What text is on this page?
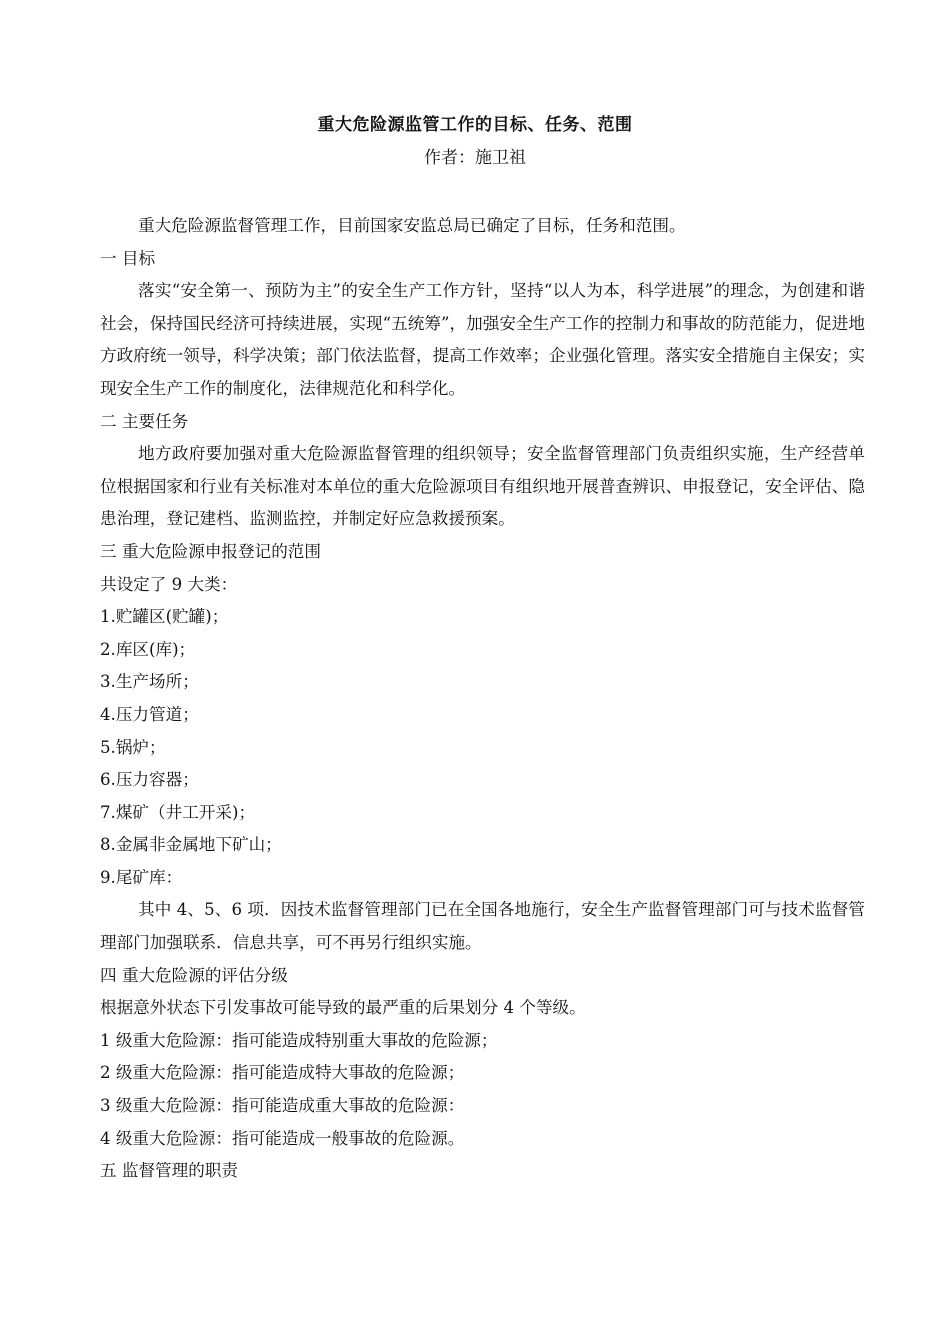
重大危险源监管工作的目标、任务、范围
作者：施卫祖

重大危险源监督管理工作，目前国家安监总局已确定了目标，任务和范围。

一 目标

落实“安全第一、预防为主”的安全生产工作方针，坚持“以人为本，科学进展”的理念，为创建和谐社会，保持国民经济可持续进展，实现“五统筹”，加强安全生产工作的控制力和事故的防范能力，促进地方政府统一领导，科学决策；部门依法监督，提高工作效率；企业强化管理。落实安全措施自主保安；实现安全生产工作的制度化，法律规范化和科学化。

二 主要任务

地方政府要加强对重大危险源监督管理的组织领导；安全监督管理部门负责组织实施，生产经营单位根据国家和行业有关标准对本单位的重大危险源项目有组织地开展普查辨识、申报登记，安全评估、隐患治理，登记建档、监测监控，并制定好应急救援预案。

三 重大危险源申报登记的范围

共设定了 9 大类：

1.贮罐区(贮罐)；

2.库区(库)；

3.生产场所；

4.压力管道；

5.锅炉；

6.压力容器；

7.煤矿（井工开采)；

8.金属非金属地下矿山；

9.尾矿库：

其中 4、5、6 项．因技术监督管理部门已在全国各地施行，安全生产监督管理部门可与技术监督管理部门加强联系．信息共享，可不再另行组织实施。

四 重大危险源的评估分级

根据意外状态下引发事故可能导致的最严重的后果划分 4 个等级。

1 级重大危险源：指可能造成特别重大事故的危险源；

2 级重大危险源：指可能造成特大事故的危险源；

3 级重大危险源：指可能造成重大事故的危险源：

4 级重大危险源：指可能造成一般事故的危险源。

五 监督管理的职责
